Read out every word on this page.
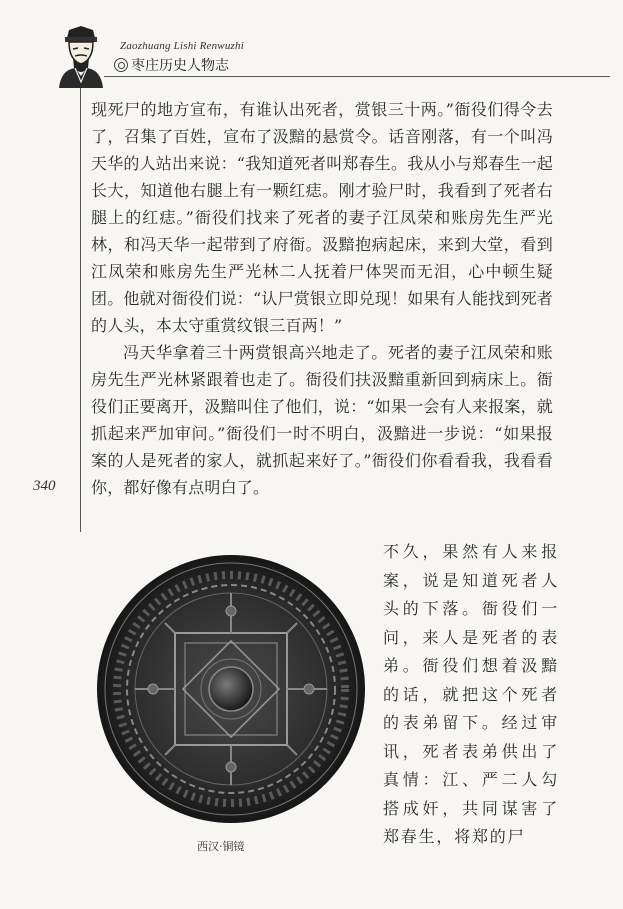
Zaozhuang Lishi Renwuzhi
枣庄历史人物志

现死尸的地方宣布，有谁认出死者，赏银三十两。”衙役们得令去了，召集了百姓，宣布了汲黯的悬赏令。话音刚落，有一个叫冯天华的人站出来说：“我知道死者叫郑春生。我从小与郑春生一起长大，知道他右腿上有一颗红痣。刚才验尸时，我看到了死者右腿上的红痣。”衙役们找来了死者的妻子江凤荣和账房先生严光林，和冯天华一起带到了府衙。汲黯抱病起床，来到大堂，看到江凤荣和账房先生严光林二人抚着尸体哭而无泪，心中顿生疑团。他就对衙役们说：“认尸赏银立即兑现！如果有人能找到死者的人头，本太守重赏纹银三百两！”

冯天华拿着三十两赏银高兴地走了。死者的妻子江凤荣和账房先生严光林紧跟着也走了。衙役们扶汲黯重新回到病床上。衙役们正要离开，汲黯叫住了他们，说：“如果一会有人来报案，就抓起来严加审问。”衙役们一时不明白，汲黯进一步说：“如果报案的人是死者的家人，就抓起来好了。”衙役们你看看我，我看看你，都好像有点明白了。

340
西汉·铜镜
不久，果然有人来报案，说是知道死者人头的下落。衙役们一问，来人是死者的表弟。衙役们想着汲黯的话，就把这个死者的表弟留下。经过审讯，死者表弟供出了真情：江、严二人勾搭成奸，共同谋害了郑春生，将郑的尸
